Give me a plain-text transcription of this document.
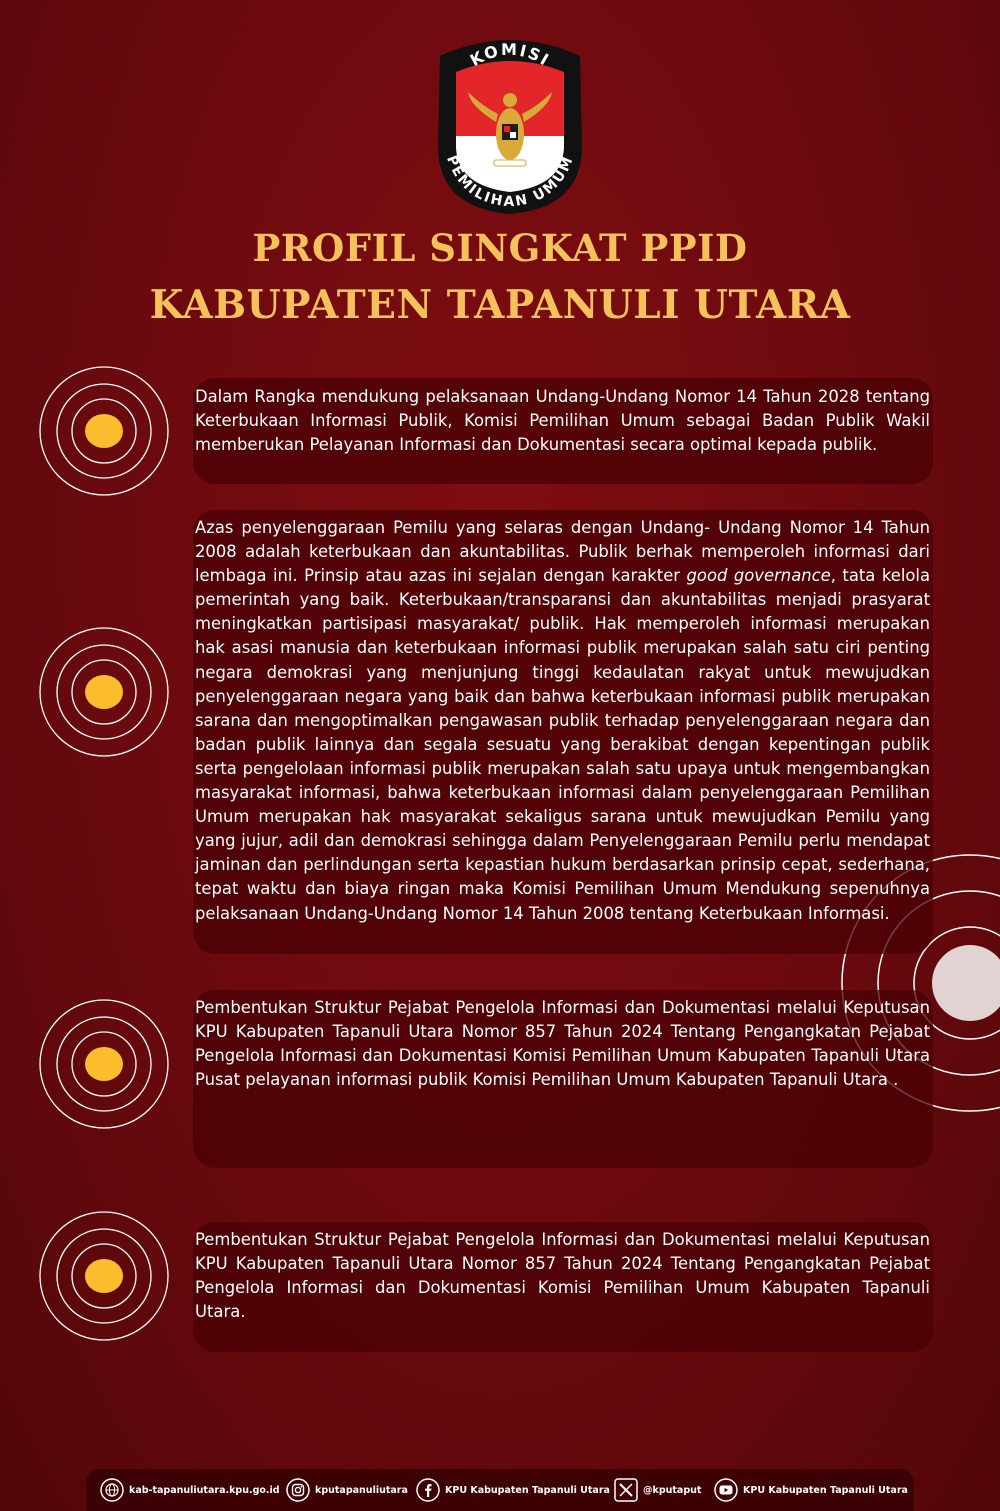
KOMISI
PEMILIHAN UMUM
PROFIL SINGKAT PPID
KABUPATEN TAPANULI UTARA

Dalam Rangka mendukung pelaksanaan Undang-Undang Nomor 14 Tahun 2028 tentang Keterbukaan Informasi Publik, Komisi Pemilihan Umum sebagai Badan Publik Wakil memberukan Pelayanan Informasi dan Dokumentasi secara optimal kepada publik.

Azas penyelenggaraan Pemilu yang selaras dengan Undang- Undang Nomor 14 Tahun 2008 adalah keterbukaan dan akuntabilitas. Publik berhak memperoleh informasi dari lembaga ini. Prinsip atau azas ini sejalan dengan karakter good governance, tata kelola pemerintah yang baik. Keterbukaan/transparansi dan akuntabilitas menjadi prasyarat meningkatkan partisipasi masyarakat/ publik. Hak memperoleh informasi merupakan hak asasi manusia dan keterbukaan informasi publik merupakan salah satu ciri penting negara demokrasi yang menjunjung tinggi kedaulatan rakyat untuk mewujudkan penyelenggaraan negara yang baik dan bahwa keterbukaan informasi publik merupakan sarana dan mengoptimalkan pengawasan publik terhadap penyelenggaraan negara dan badan publik lainnya dan segala sesuatu yang berakibat dengan kepentingan publik serta pengelolaan informasi publik merupakan salah satu upaya untuk mengembangkan masyarakat informasi, bahwa keterbukaan informasi dalam penyelenggaraan Pemilihan Umum merupakan hak masyarakat sekaligus sarana untuk mewujudkan Pemilu yang yang jujur, adil dan demokrasi sehingga dalam Penyelenggaraan Pemilu perlu mendapat jaminan dan perlindungan serta kepastian hukum berdasarkan prinsip cepat, sederhana, tepat waktu dan biaya ringan maka Komisi Pemilihan Umum Mendukung sepenuhnya pelaksanaan Undang-Undang Nomor 14 Tahun 2008 tentang Keterbukaan Informasi.

Pembentukan Struktur Pejabat Pengelola Informasi dan Dokumentasi melalui Keputusan KPU Kabupaten Tapanuli Utara Nomor 857 Tahun 2024 Tentang Pengangkatan Pejabat Pengelola Informasi dan Dokumentasi Komisi Pemilihan Umum Kabupaten Tapanuli Utara Pusat pelayanan informasi publik Komisi Pemilihan Umum Kabupaten Tapanuli Utara .

Pembentukan Struktur Pejabat Pengelola Informasi dan Dokumentasi melalui Keputusan KPU Kabupaten Tapanuli Utara Nomor 857 Tahun 2024 Tentang Pengangkatan Pejabat Pengelola Informasi dan Dokumentasi Komisi Pemilihan Umum Kabupaten Tapanuli Utara.

kab-tapanuliutara.kpu.go.id	kputapanuliutara	KPU Kabupaten Tapanuli Utara	@kputaput	KPU Kabupaten Tapanuli Utara
